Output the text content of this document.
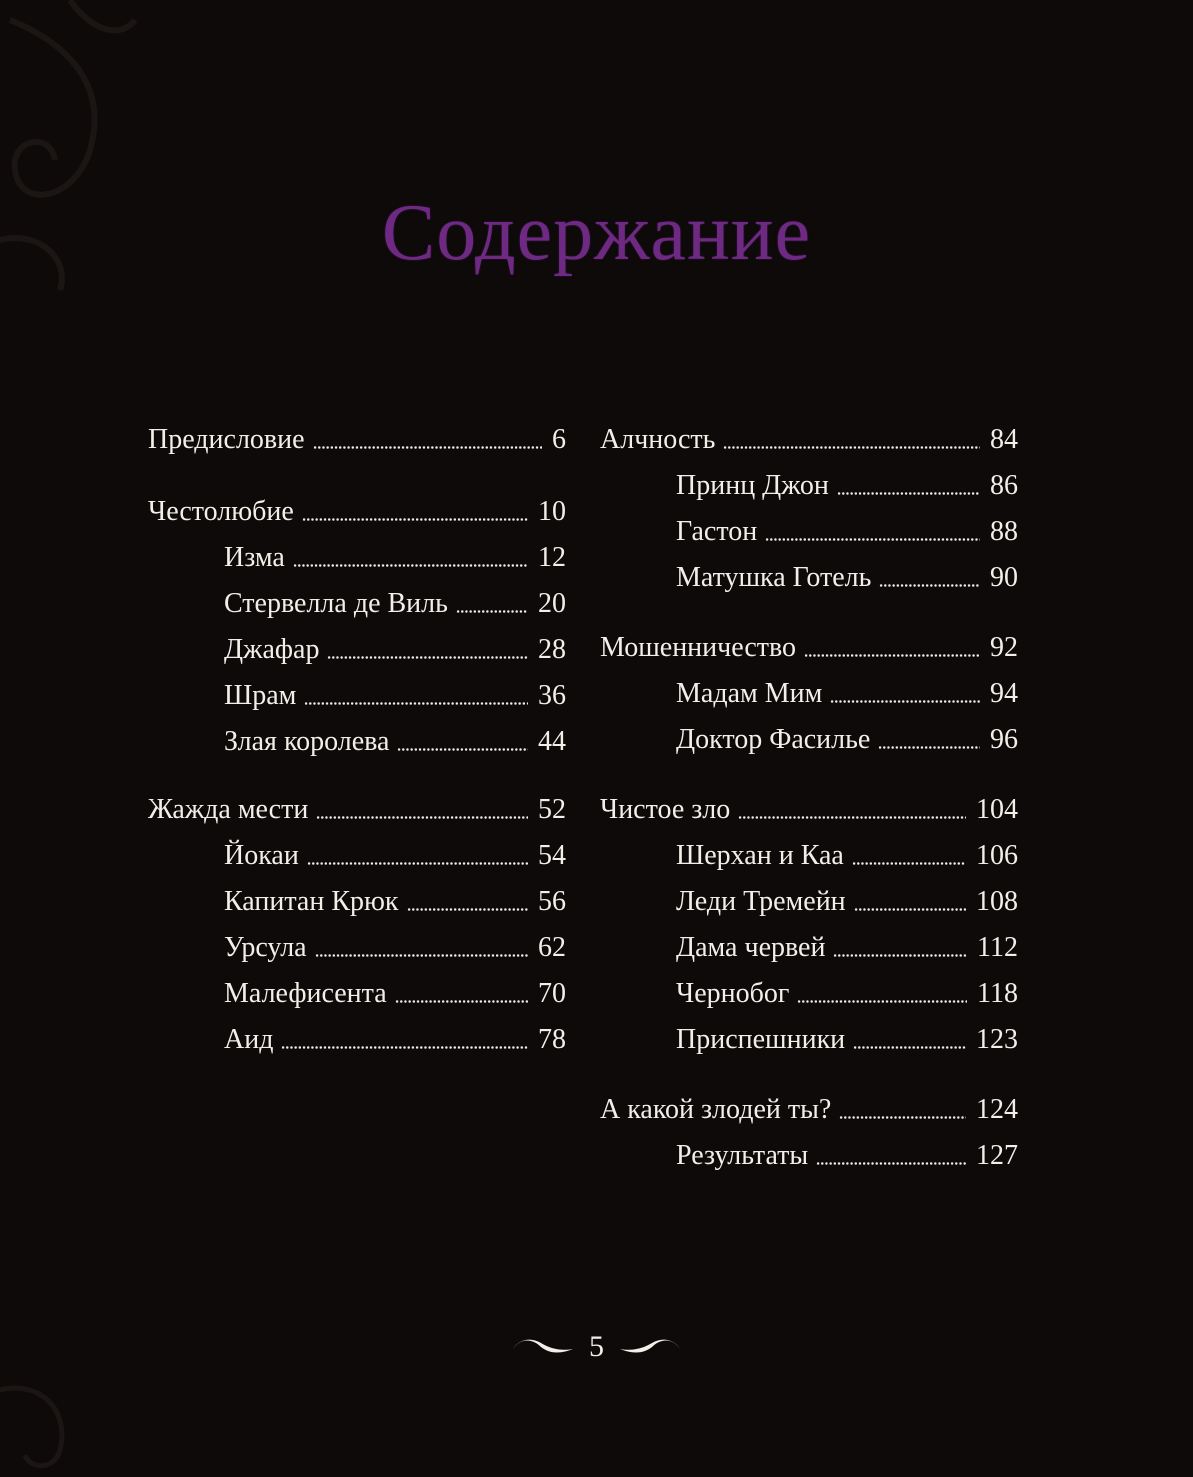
Содержание
Предисловие	6
Честолюбие	10
Изма	12
Стервелла де Виль	20
Джафар	28
Шрам	36
Злая королева	44
Жажда мести	52
Йокаи	54
Капитан Крюк	56
Урсула	62
Малефисента	70
Аид	78
Алчность	84
Принц Джон	86
Гастон	88
Матушка Готель	90
Мошенничество	92
Мадам Мим	94
Доктор Фасилье	96
Чистое зло	104
Шерхан и Каа	106
Леди Тремейн	108
Дама червей	112
Чернобог	118
Приспешники	123
А какой злодей ты?	124
Результаты	127
5
